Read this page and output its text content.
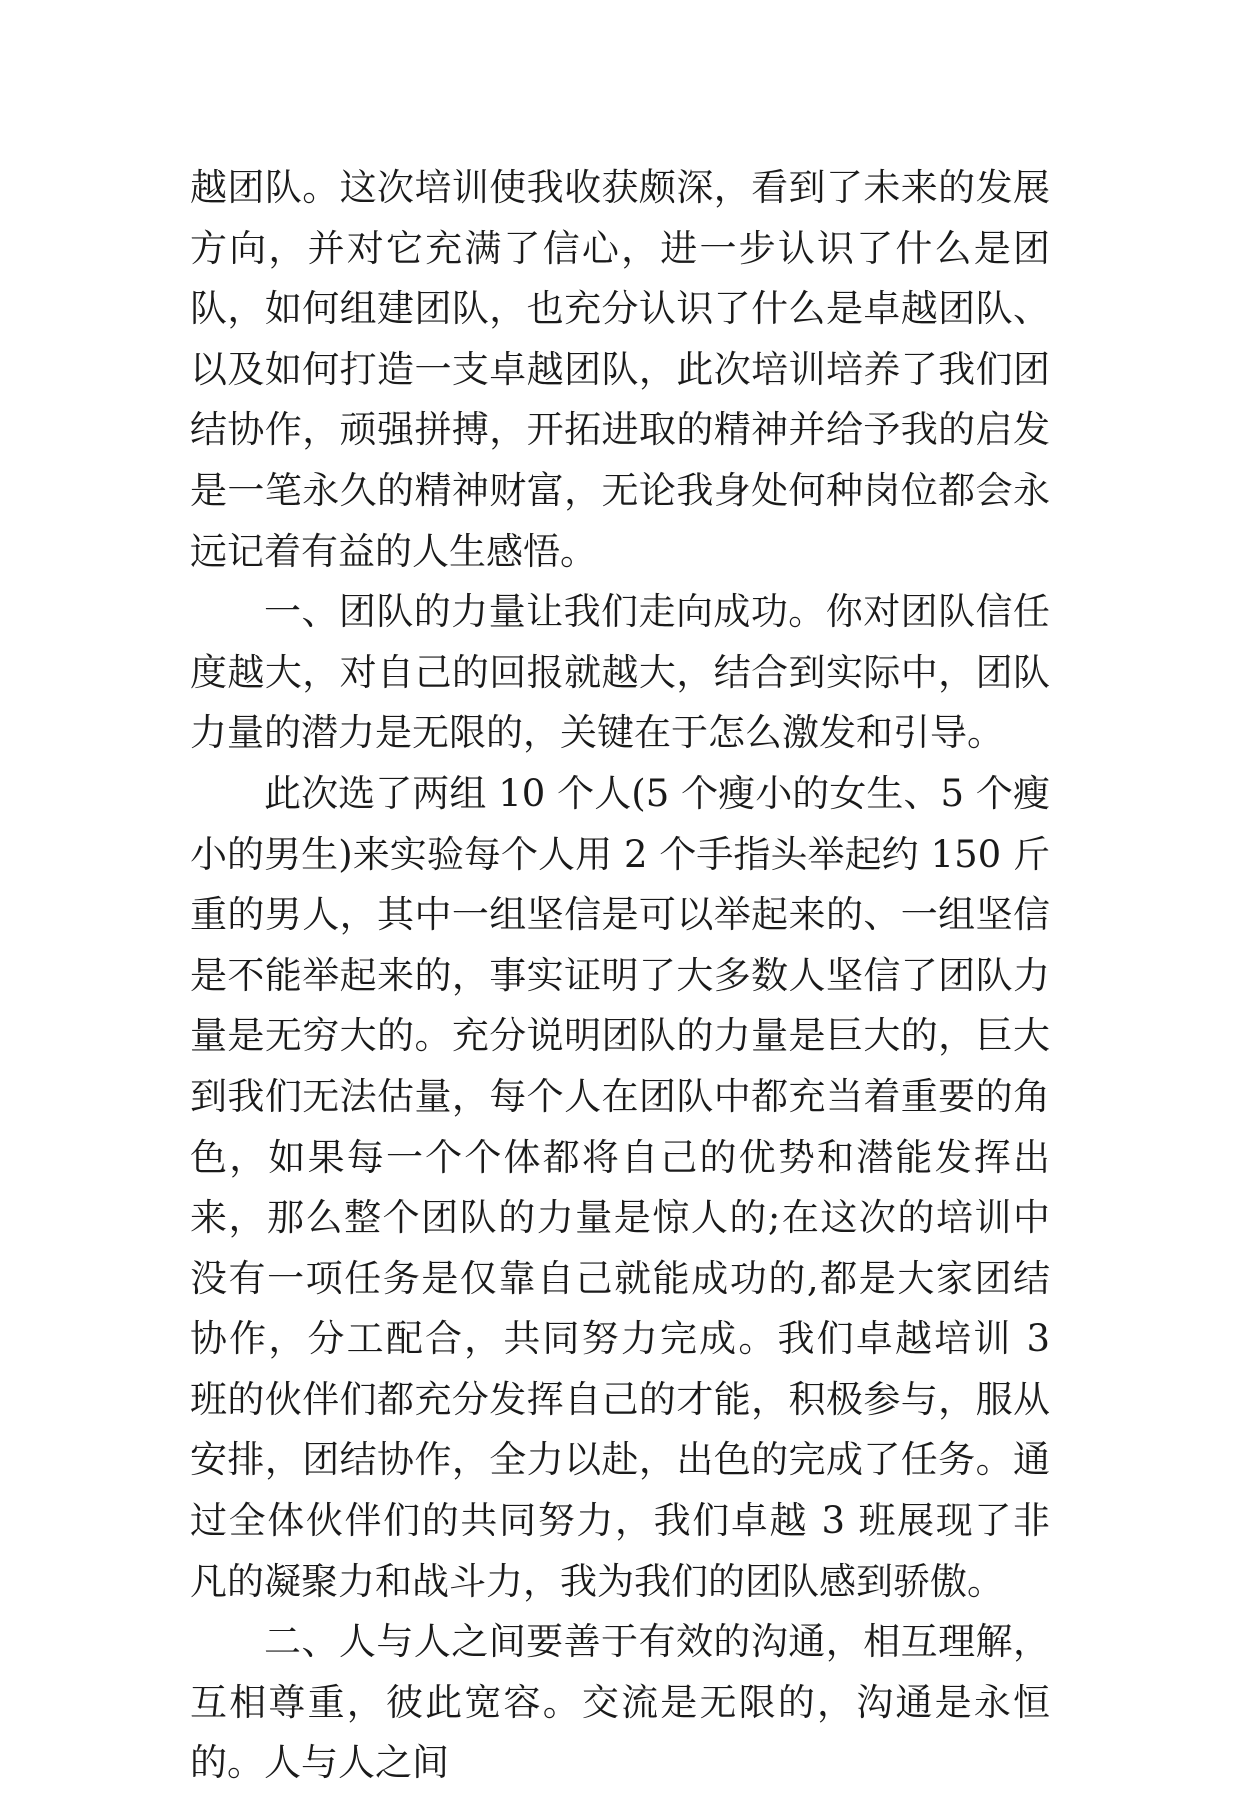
越团队。这次培训使我收获颇深，看到了未来的发展方向，并对它充满了信心，进一步认识了什么是团队，如何组建团队，也充分认识了什么是卓越团队、以及如何打造一支卓越团队，此次培训培养了我们团结协作，顽强拼搏，开拓进取的精神并给予我的启发是一笔永久的精神财富，无论我身处何种岗位都会永远记着有益的人生感悟。

一、团队的力量让我们走向成功。你对团队信任度越大，对自己的回报就越大，结合到实际中，团队力量的潜力是无限的，关键在于怎么激发和引导。

此次选了两组 10 个人(5 个瘦小的女生、5 个瘦小的男生)来实验每个人用 2 个手指头举起约 150 斤重的男人，其中一组坚信是可以举起来的、一组坚信是不能举起来的，事实证明了大多数人坚信了团队力量是无穷大的。充分说明团队的力量是巨大的，巨大到我们无法估量，每个人在团队中都充当着重要的角色，如果每一个个体都将自己的优势和潜能发挥出来，那么整个团队的力量是惊人的;在这次的培训中没有一项任务是仅靠自己就能成功的,都是大家团结协作，分工配合，共同努力完成。我们卓越培训 3 班的伙伴们都充分发挥自己的才能，积极参与，服从安排，团结协作，全力以赴，出色的完成了任务。通过全体伙伴们的共同努力，我们卓越 3 班展现了非凡的凝聚力和战斗力，我为我们的团队感到骄傲。

二、人与人之间要善于有效的沟通，相互理解，互相尊重，彼此宽容。交流是无限的，沟通是永恒的。人与人之间
